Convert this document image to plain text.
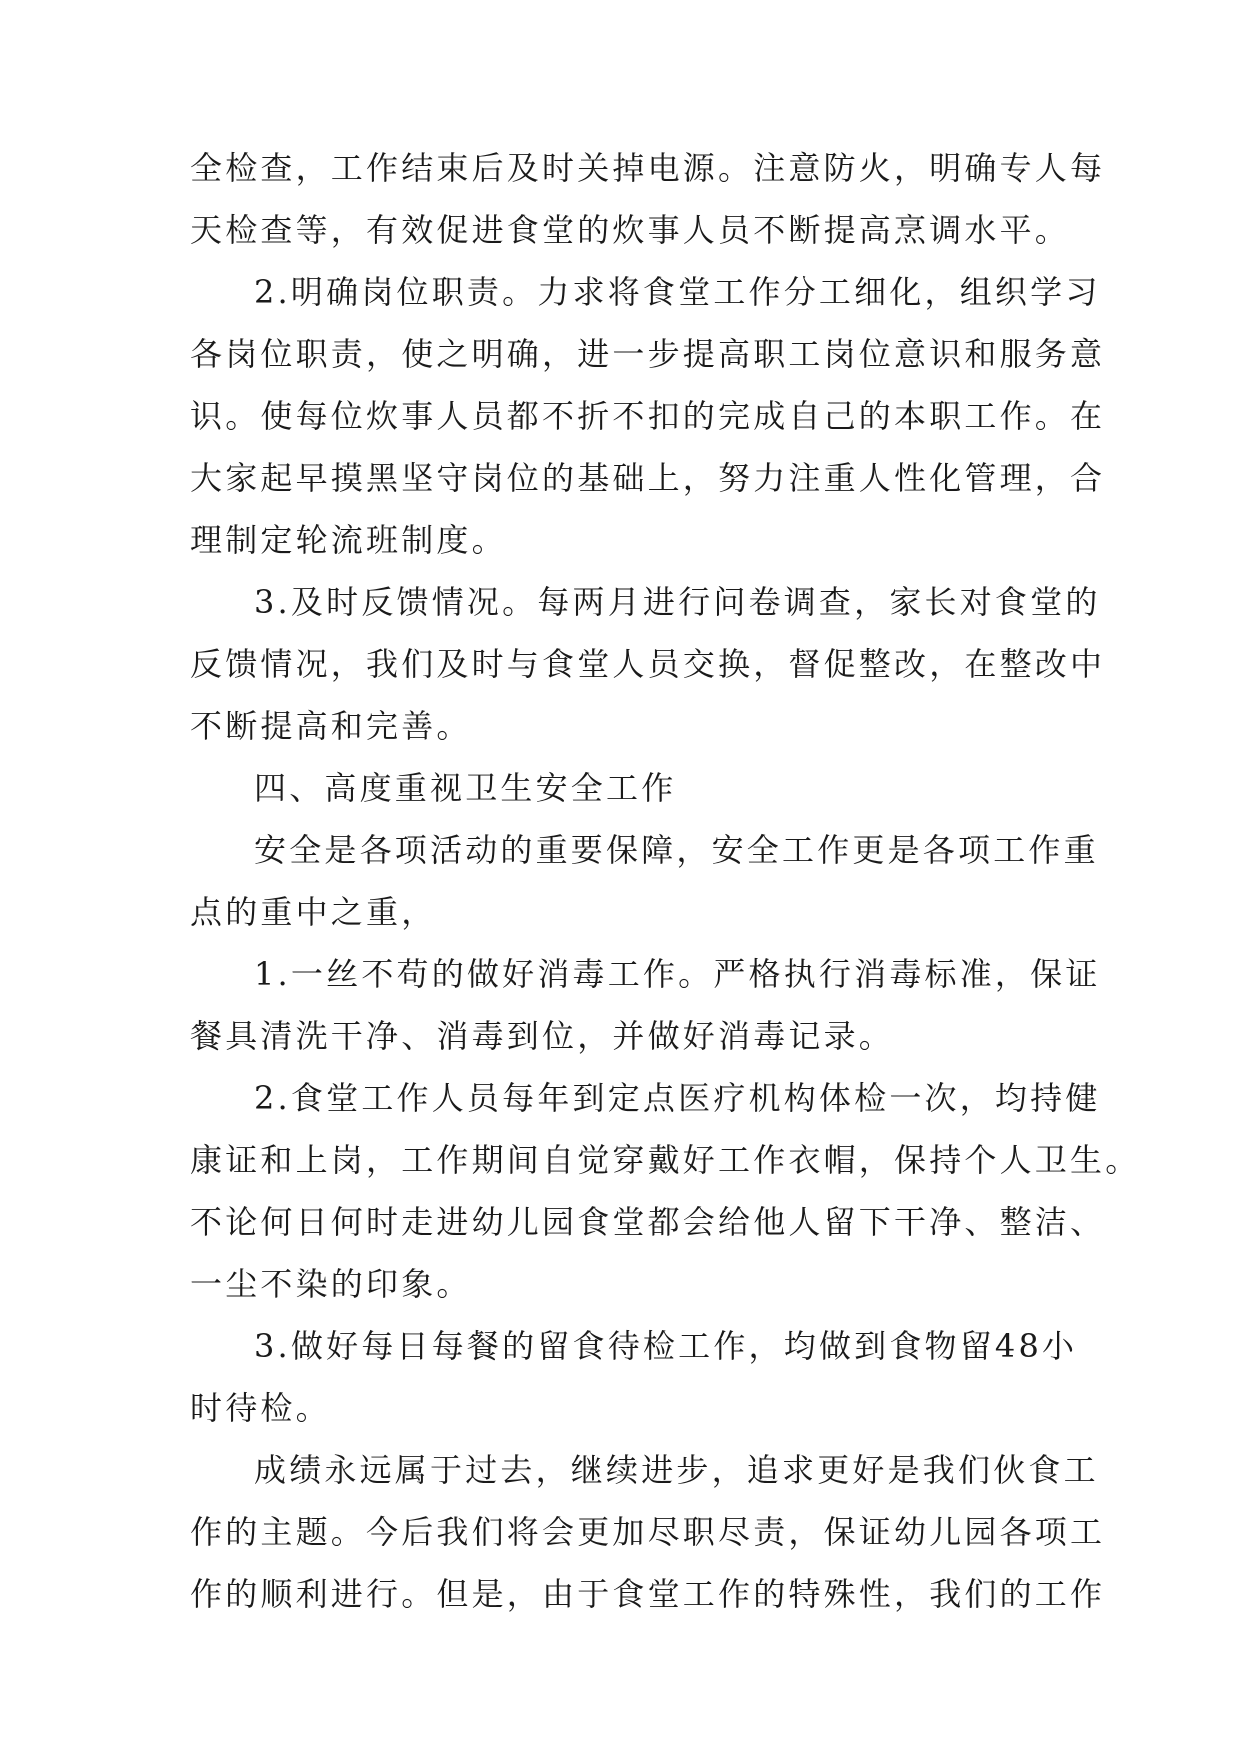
全检查，工作结束后及时关掉电源。注意防火，明确专人每
天检查等，有效促进食堂的炊事人员不断提高烹调水平。
2.明确岗位职责。力求将食堂工作分工细化，组织学习
各岗位职责，使之明确，进一步提高职工岗位意识和服务意
识。使每位炊事人员都不折不扣的完成自己的本职工作。在
大家起早摸黑坚守岗位的基础上，努力注重人性化管理，合
理制定轮流班制度。
3.及时反馈情况。每两月进行问卷调查，家长对食堂的
反馈情况，我们及时与食堂人员交换，督促整改，在整改中
不断提高和完善。
四、高度重视卫生安全工作
安全是各项活动的重要保障，安全工作更是各项工作重
点的重中之重，
1.一丝不苟的做好消毒工作。严格执行消毒标准，保证
餐具清洗干净、消毒到位，并做好消毒记录。
2.食堂工作人员每年到定点医疗机构体检一次，均持健
康证和上岗，工作期间自觉穿戴好工作衣帽，保持个人卫生。
不论何日何时走进幼儿园食堂都会给他人留下干净、整洁、
一尘不染的印象。
3.做好每日每餐的留食待检工作，均做到食物留48小
时待检。
成绩永远属于过去，继续进步，追求更好是我们伙食工
作的主题。今后我们将会更加尽职尽责，保证幼儿园各项工
作的顺利进行。但是，由于食堂工作的特殊性，我们的工作
